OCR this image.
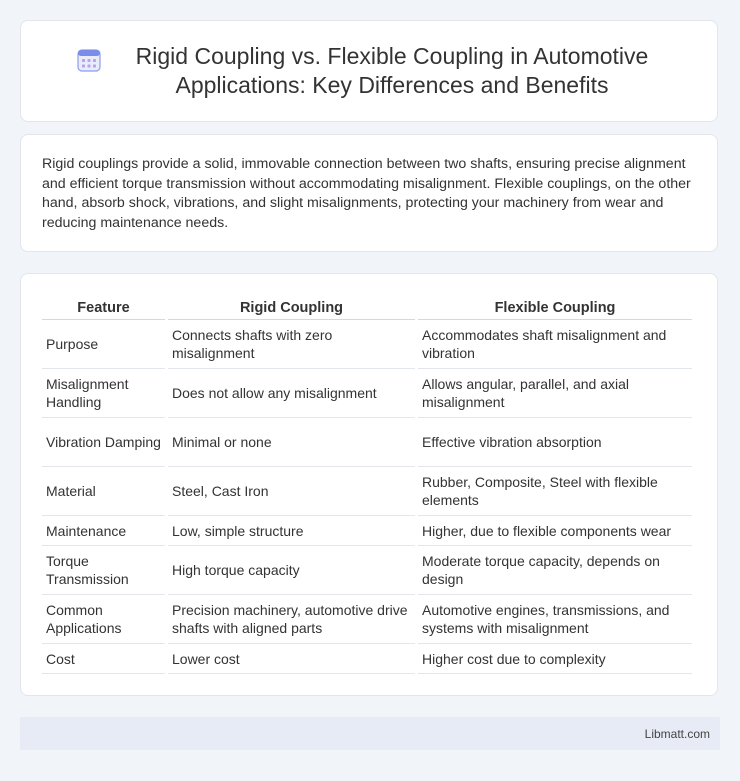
Rigid Coupling vs. Flexible Coupling in Automotive Applications: Key Differences and Benefits

Rigid couplings provide a solid, immovable connection between two shafts, ensuring precise alignment and efficient torque transmission without accommodating misalignment. Flexible couplings, on the other hand, absorb shock, vibrations, and slight misalignments, protecting your machinery from wear and reducing maintenance needs.

Feature	Rigid Coupling	Flexible Coupling
Purpose	Connects shafts with zero misalignment	Accommodates shaft misalignment and vibration
Misalignment Handling	Does not allow any misalignment	Allows angular, parallel, and axial misalignment
Vibration Damping	Minimal or none	Effective vibration absorption
Material	Steel, Cast Iron	Rubber, Composite, Steel with flexible elements
Maintenance	Low, simple structure	Higher, due to flexible components wear
Torque Transmission	High torque capacity	Moderate torque capacity, depends on design
Common Applications	Precision machinery, automotive drive shafts with aligned parts	Automotive engines, transmissions, and systems with misalignment
Cost	Lower cost	Higher cost due to complexity
Libmatt.com
